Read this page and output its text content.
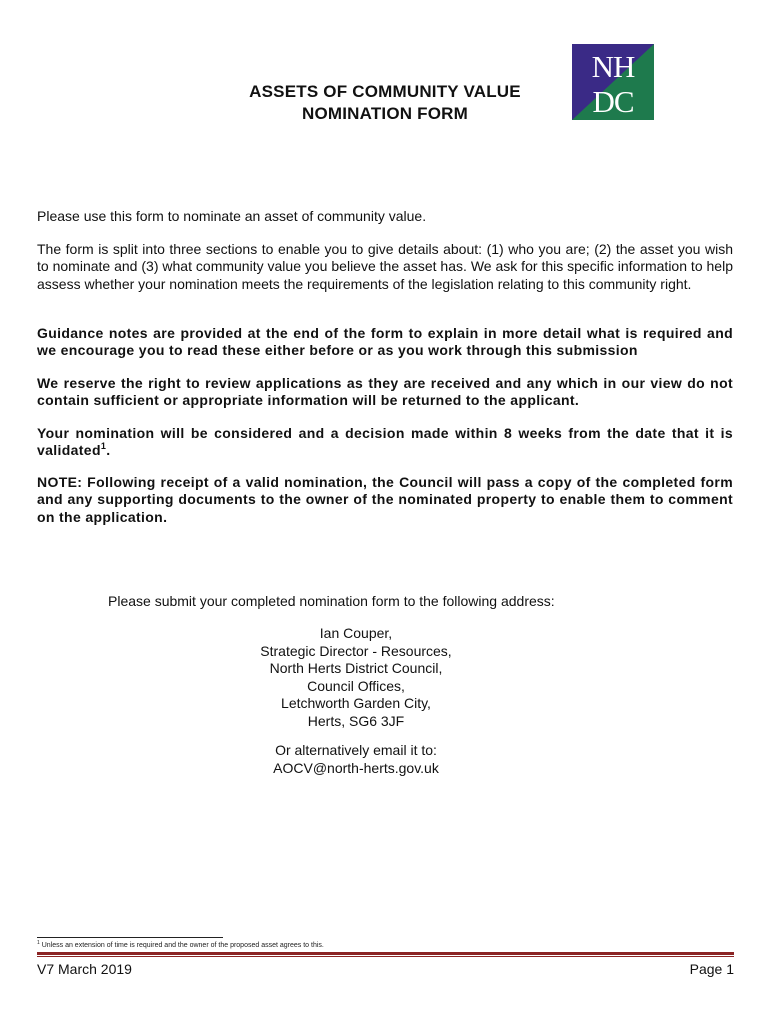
ASSETS OF COMMUNITY VALUE
NOMINATION FORM
NH
DC
Please use this form to nominate an asset of community value.
The form is split into three sections to enable you to give details about: (1) who you are; (2) the asset you wish to nominate and (3) what community value you believe the asset has. We ask for this specific information to help assess whether your nomination meets the requirements of the legislation relating to this community right.
Guidance notes are provided at the end of the form to explain in more detail what is required and we encourage you to read these either before or as you work through this submission
We reserve the right to review applications as they are received and any which in our view do not contain sufficient or appropriate information will be returned to the applicant.
Your nomination will be considered and a decision made within 8 weeks from the date that it is validated$^1$.
NOTE: Following receipt of a valid nomination, the Council will pass a copy of the completed form and any supporting documents to the owner of the nominated property to enable them to comment on the application.
Please submit your completed nomination form to the following address:
Ian Couper,
Strategic Director - Resources,
North Herts District Council,
Council Offices,
Letchworth Garden City,
Herts, SG6 3JF
Or alternatively email it to:
AOCV@north-herts.gov.uk
$^1$ Unless an extension of time is required and the owner of the proposed asset agrees to this.
V7 March 2019	Page 1
